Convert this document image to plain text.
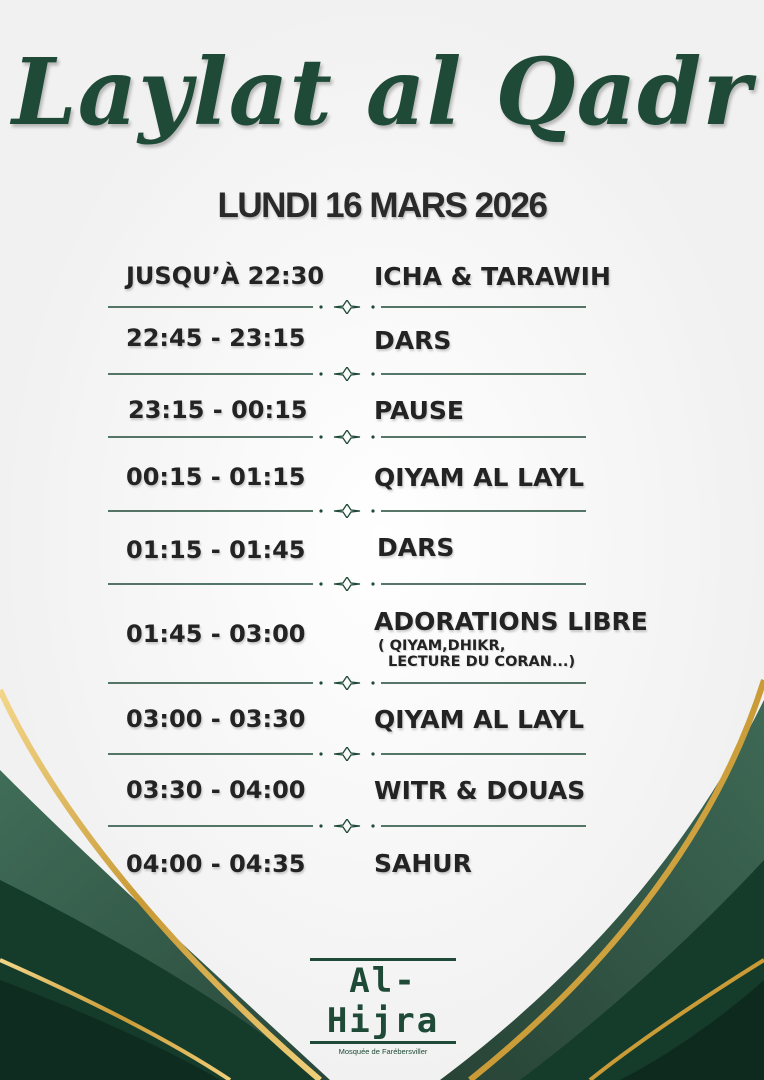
Laylat al Qadr
LUNDI 16 MARS 2026
JUSQU’À 22:30 ICHA & TARAWIH
22:45 - 23:15	DARS
23:15 - 00:15	PAUSE
00:15 - 01:15	QIYAM AL LAYL
01:15 - 01:45	DARS
01:45 - 03:00	ADORATIONS LIBRE
( QIYAM,DHIKR,
LECTURE DU CORAN...)
03:00 - 03:30	QIYAM AL LAYL
03:30 - 04:00	WITR & DOUAS
04:00 - 04:35	SAHUR
Al-Hijra
Mosquée de Farébersviller
